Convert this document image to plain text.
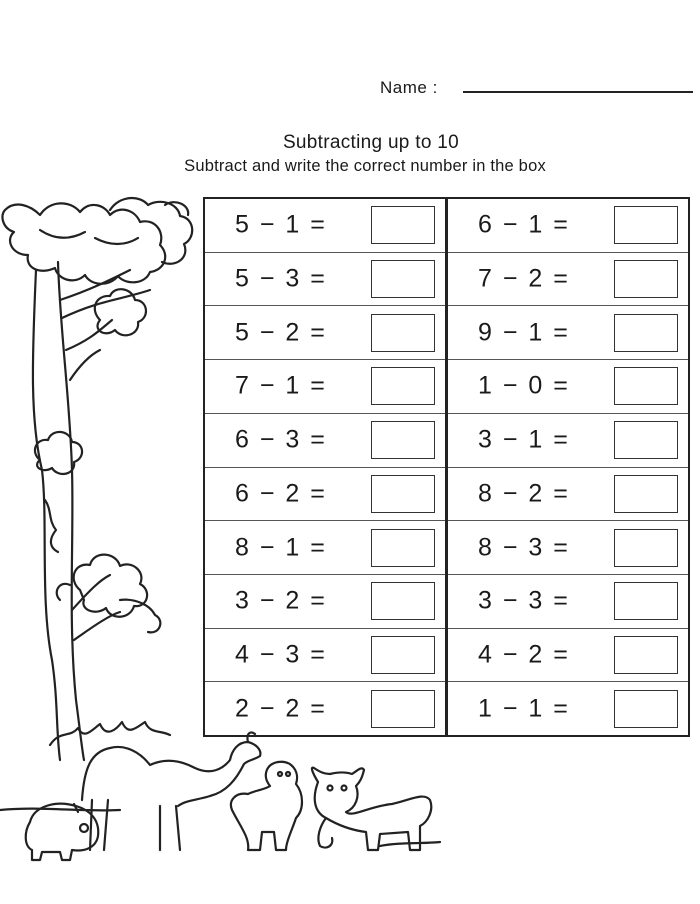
Name :
Subtracting up to 10
Subtract and write the correct number in the box
5 − 1 =
5 − 3 =
5 − 2 =
7 − 1 =
6 − 3 =
6 − 2 =
8 − 1 =
3 − 2 =
4 − 3 =
2 − 2 =
6 − 1 =
7 − 2 =
9 − 1 =
1 − 0 =
3 − 1 =
8 − 2 =
8 − 3 =
3 − 3 =
4 − 2 =
1 − 1 =
